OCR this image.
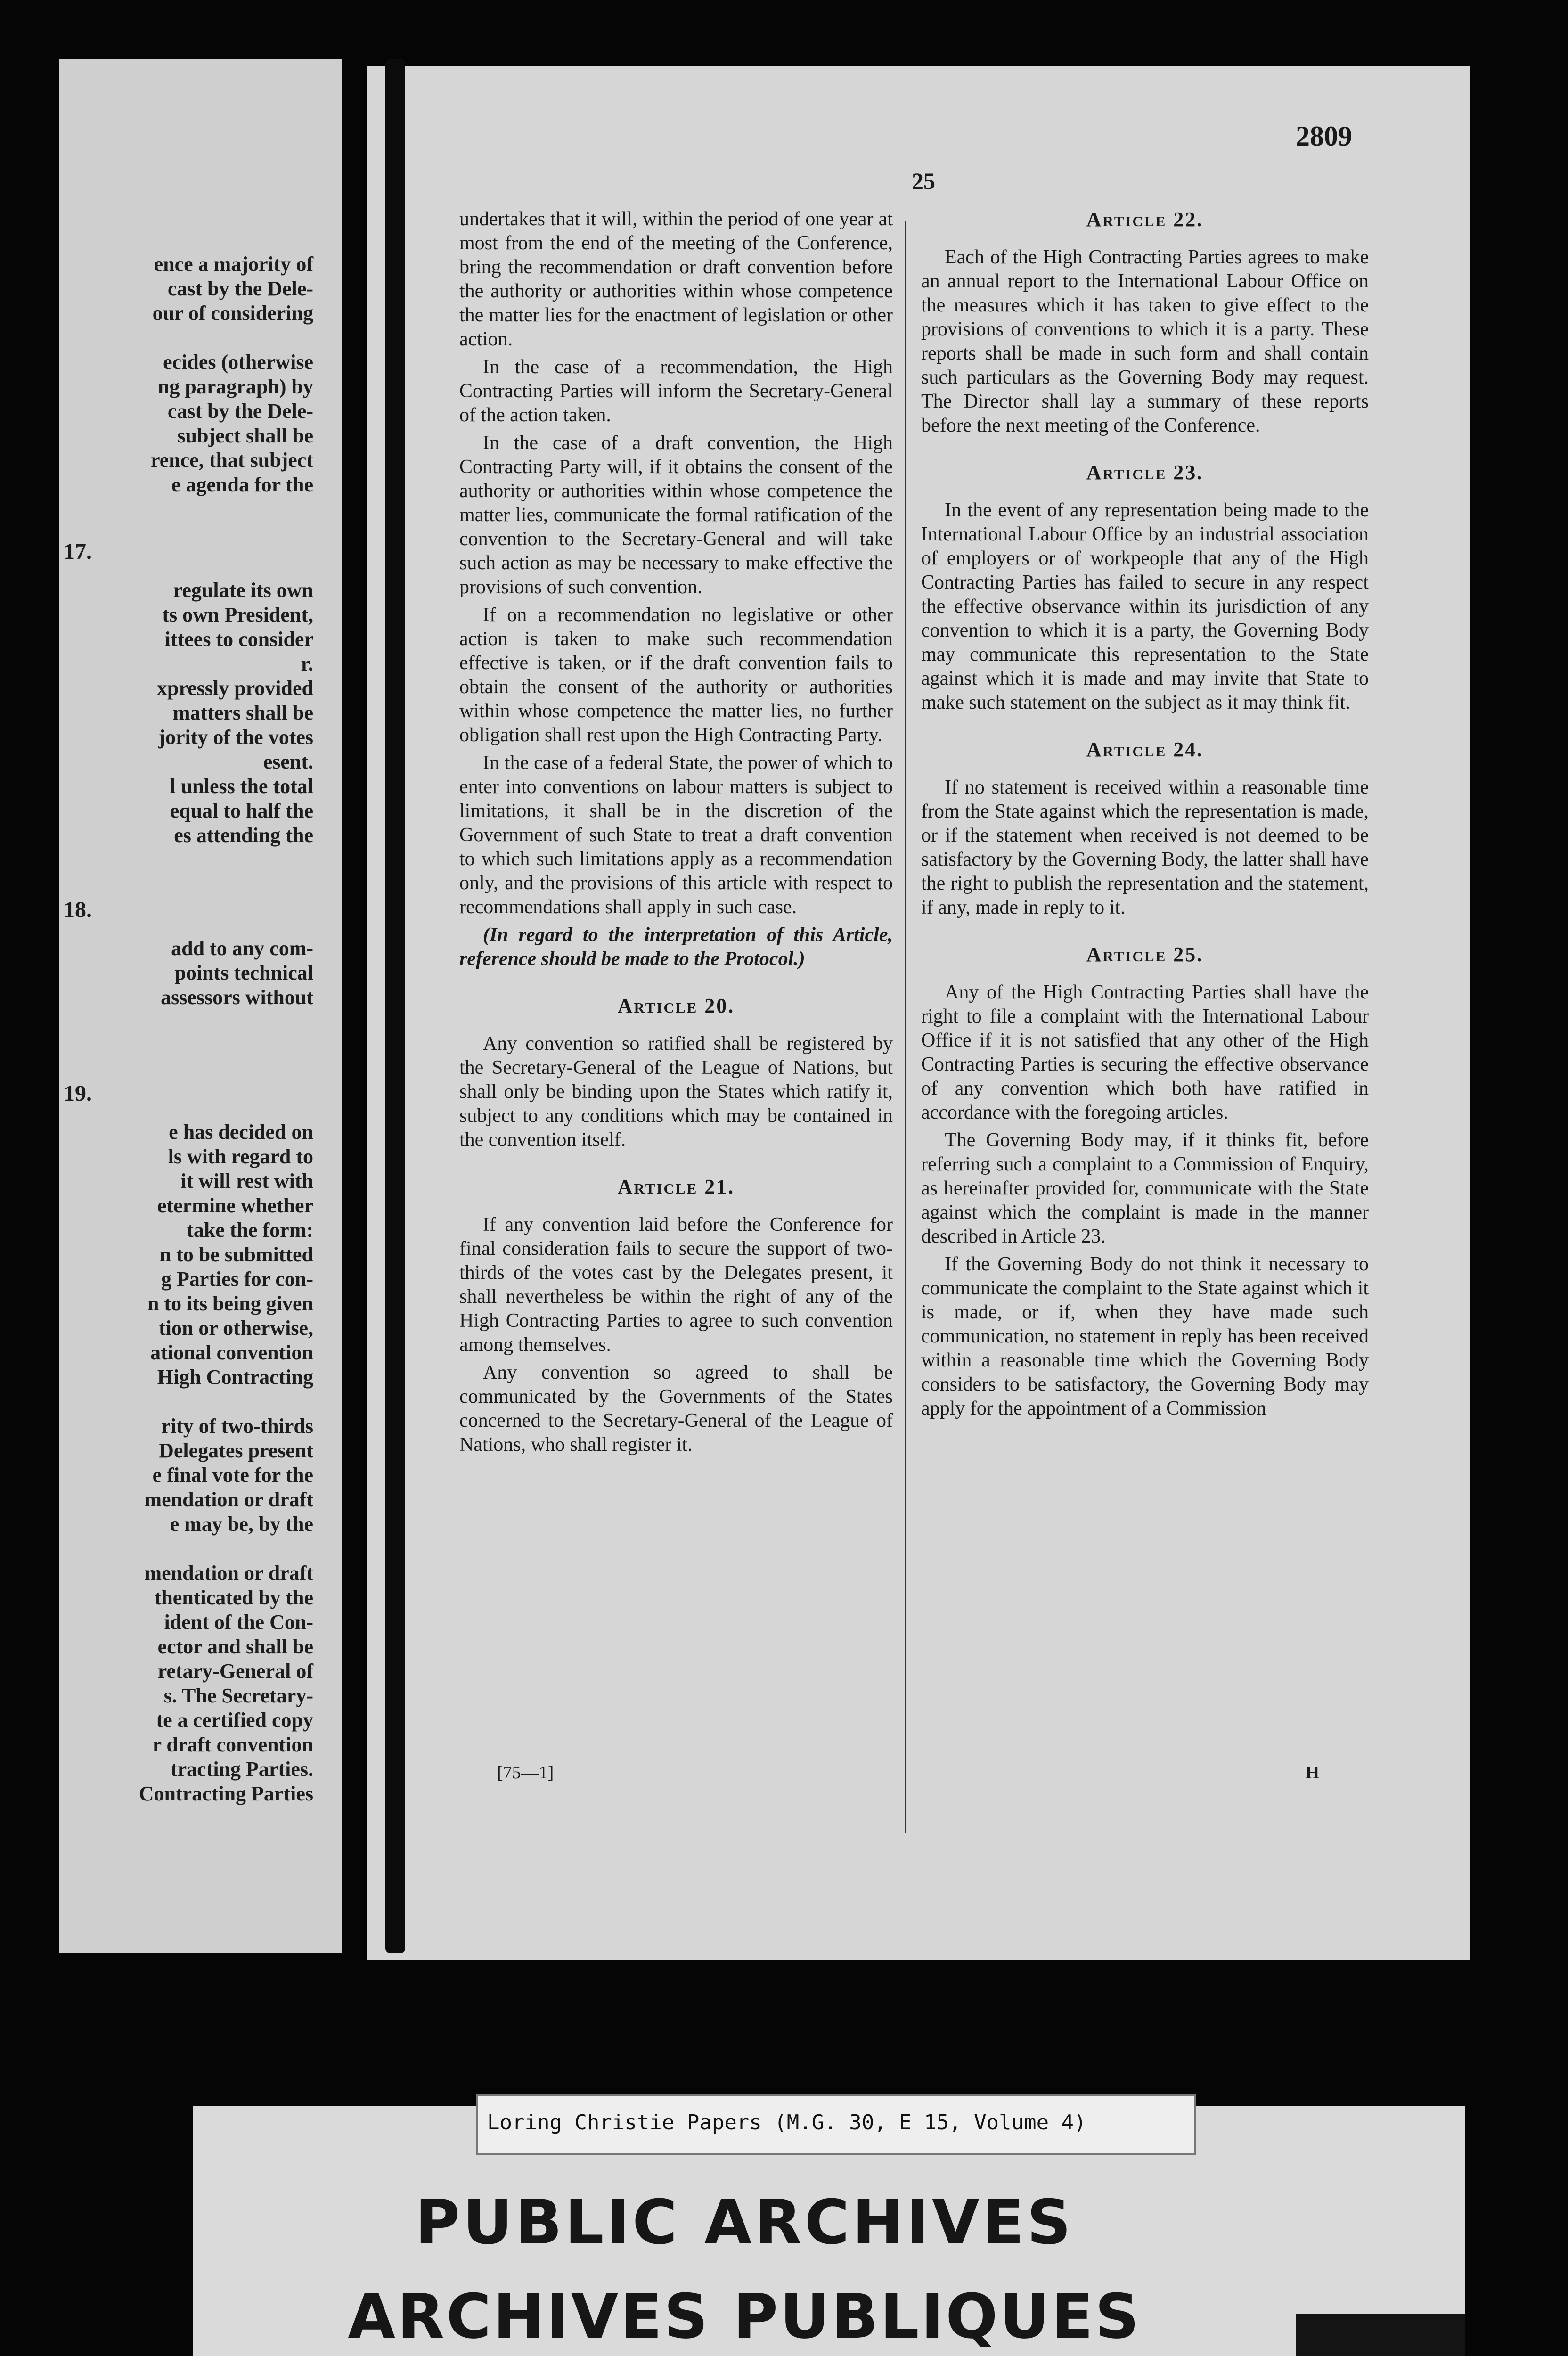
ence a majority of
cast by the Dele-
our of considering

ecides (otherwise
ng paragraph) by
cast by the Dele-
subject shall be
rence, that subject
e agenda for the
17.
regulate its own
ts own President,
ittees to consider
r.
xpressly provided
matters shall be
jority of the votes
esent.
l unless the total
equal to half the
es attending the
18.
add to any com-
points technical
assessors without
19.
e has decided on
ls with regard to
it will rest with
etermine whether
take the form:
n to be submitted
g Parties for con-
n to its being given
tion or otherwise,
ational convention
High Contracting

rity of two-thirds
Delegates present
e final vote for the
mendation or draft
e may be, by the

mendation or draft
thenticated by the
ident of the Con-
ector and shall be
retary-General of
s. The Secretary-
te a certified copy
r draft convention
tracting Parties.
Contracting Parties
2809
25

undertakes that it will, within the period of one year at most from the end of the meeting of the Conference, bring the recommendation or draft convention before the authority or authorities within whose competence the matter lies for the enactment of legislation or other action.

In the case of a recommendation, the High Contracting Parties will inform the Secretary-General of the action taken.

In the case of a draft convention, the High Contracting Party will, if it obtains the consent of the authority or authorities within whose competence the matter lies, communicate the formal ratification of the convention to the Secretary-General and will take such action as may be necessary to make effective the provisions of such convention.

If on a recommendation no legislative or other action is taken to make such recommendation effective is taken, or if the draft convention fails to obtain the consent of the authority or authorities within whose competence the matter lies, no further obligation shall rest upon the High Contracting Party.

In the case of a federal State, the power of which to enter into conventions on labour matters is subject to limitations, it shall be in the discretion of the Government of such State to treat a draft convention to which such limitations apply as a recommendation only, and the provisions of this article with respect to recommendations shall apply in such case.

(In regard to the interpretation of this Article, reference should be made to the Protocol.)

Article 20.

Any convention so ratified shall be registered by the Secretary-General of the League of Nations, but shall only be binding upon the States which ratify it, subject to any conditions which may be contained in the convention itself.

Article 21.

If any convention laid before the Conference for final consideration fails to secure the support of two-thirds of the votes cast by the Delegates present, it shall nevertheless be within the right of any of the High Contracting Parties to agree to such convention among themselves.

Any convention so agreed to shall be communicated by the Governments of the States concerned to the Secretary-General of the League of Nations, who shall register it.

Article 22.

Each of the High Contracting Parties agrees to make an annual report to the International Labour Office on the measures which it has taken to give effect to the provisions of conventions to which it is a party. These reports shall be made in such form and shall contain such particulars as the Governing Body may request. The Director shall lay a summary of these reports before the next meeting of the Conference.

Article 23.

In the event of any representation being made to the International Labour Office by an industrial association of employers or of workpeople that any of the High Contracting Parties has failed to secure in any respect the effective observance within its jurisdiction of any convention to which it is a party, the Governing Body may communicate this representation to the State against which it is made and may invite that State to make such statement on the subject as it may think fit.

Article 24.

If no statement is received within a reasonable time from the State against which the representation is made, or if the statement when received is not deemed to be satisfactory by the Governing Body, the latter shall have the right to publish the representation and the statement, if any, made in reply to it.

Article 25.

Any of the High Contracting Parties shall have the right to file a complaint with the International Labour Office if it is not satisfied that any other of the High Contracting Parties is securing the effective observance of any convention which both have ratified in accordance with the foregoing articles.

The Governing Body may, if it thinks fit, before referring such a complaint to a Commission of Enquiry, as hereinafter provided for, communicate with the State against which the complaint is made in the manner described in Article 23.

If the Governing Body do not think it necessary to communicate the complaint to the State against which it is made, or if, when they have made such communication, no statement in reply has been received within a reasonable time which the Governing Body considers to be satisfactory, the Governing Body may apply for the appointment of a Commission

[75—1]	H
Loring Christie Papers (M.G. 30, E 15, Volume 4)
PUBLIC ARCHIVES
ARCHIVES PUBLIQUES
